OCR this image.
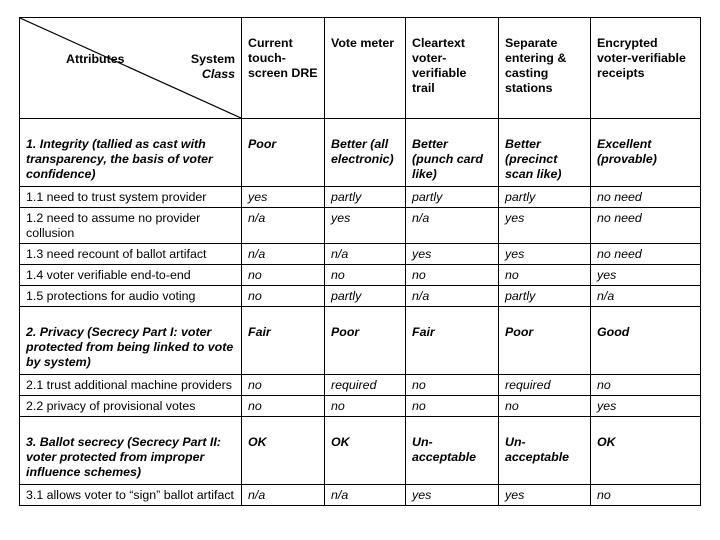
Attributes System
Class	Current touch-screen DRE	Vote meter	Cleartext voter-verifiable trail	Separate entering & casting stations	Encrypted voter-verifiable receipts
1. Integrity (tallied as cast with transparency, the basis of voter confidence)	Poor	Better (all electronic)	Better (punch card like)	Better (precinct scan like)	Excellent (provable)
1.1 need to trust system provider	yes	partly	partly	partly	no need
1.2 need to assume no provider collusion	n/a	yes	n/a	yes	no need
1.3 need recount of ballot artifact	n/a	n/a	yes	yes	no need
1.4 voter verifiable end-to-end	no	no	no	no	yes
1.5 protections for audio voting	no	partly	n/a	partly	n/a
2. Privacy (Secrecy Part I: voter protected from being linked to vote by system)	Fair	Poor	Fair	Poor	Good
2.1 trust additional machine providers	no	required	no	required	no
2.2 privacy of provisional votes	no	no	no	no	yes
3. Ballot secrecy (Secrecy Part II: voter protected from improper influence schemes)	OK	OK	Un-acceptable	Un-acceptable	OK
3.1 allows voter to “sign” ballot artifact	n/a	n/a	yes	yes	no
